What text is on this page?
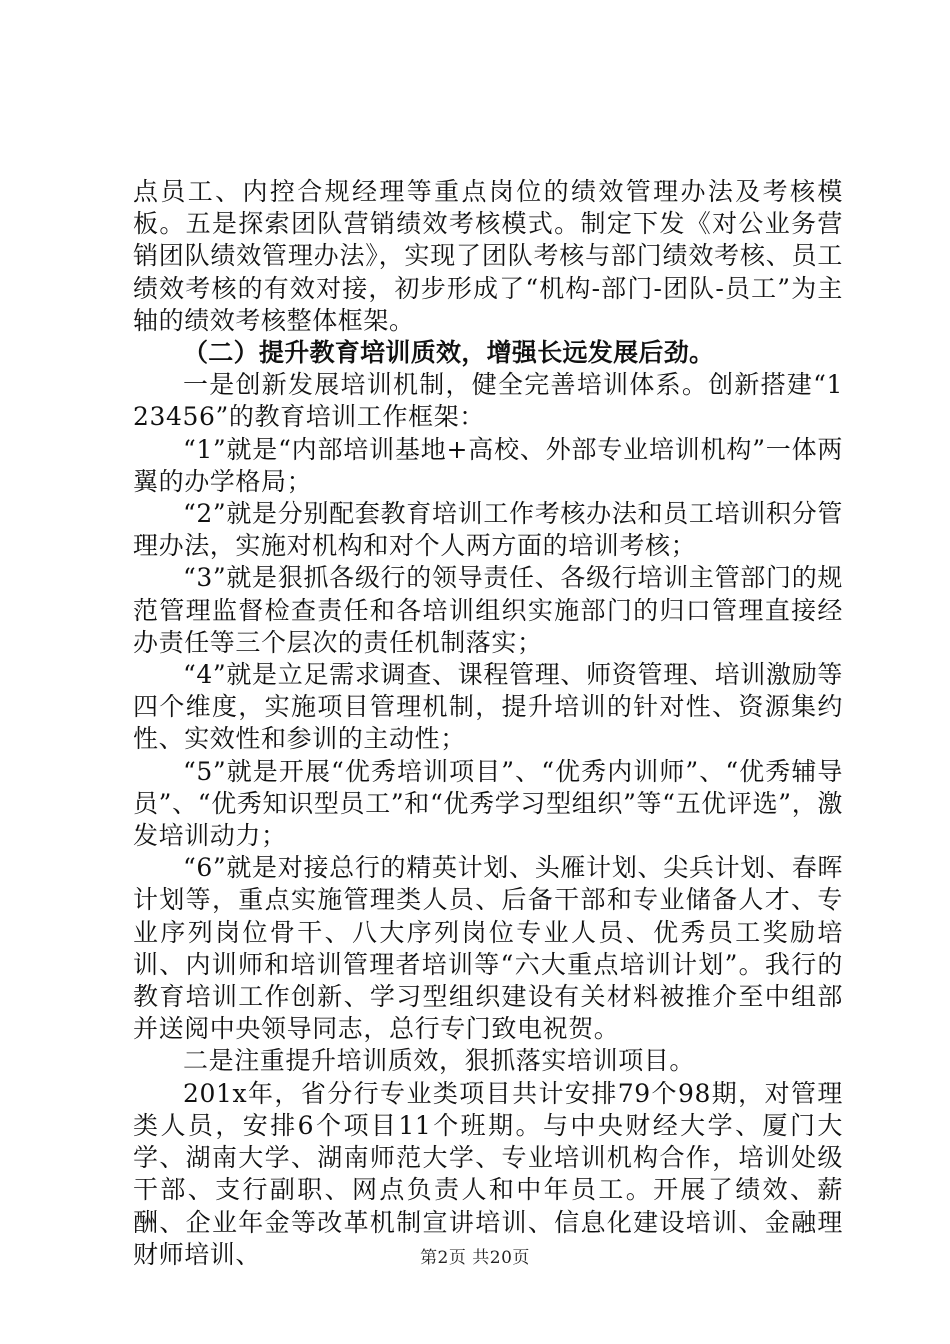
点员工、内控合规经理等重点岗位的绩效管理办法及考核模板。五是探索团队营销绩效考核模式。制定下发《对公业务营销团队绩效管理办法》，实现了团队考核与部门绩效考核、员工绩效考核的有效对接，初步形成了“机构-部门-团队-员工”为主轴的绩效考核整体框架。

（二）提升教育培训质效，增强长远发展后劲。

一是创新发展培训机制，健全完善培训体系。创新搭建“123456”的教育培训工作框架：

“1”就是“内部培训基地+高校、外部专业培训机构”一体两翼的办学格局；

“2”就是分别配套教育培训工作考核办法和员工培训积分管理办法，实施对机构和对个人两方面的培训考核；

“3”就是狠抓各级行的领导责任、各级行培训主管部门的规范管理监督检查责任和各培训组织实施部门的归口管理直接经办责任等三个层次的责任机制落实；

“4”就是立足需求调查、课程管理、师资管理、培训激励等四个维度，实施项目管理机制，提升培训的针对性、资源集约性、实效性和参训的主动性；

“5”就是开展“优秀培训项目”、“优秀内训师”、“优秀辅导员”、“优秀知识型员工”和“优秀学习型组织”等“五优评选”，激发培训动力；

“6”就是对接总行的精英计划、头雁计划、尖兵计划、春晖计划等，重点实施管理类人员、后备干部和专业储备人才、专业序列岗位骨干、八大序列岗位专业人员、优秀员工奖励培训、内训师和培训管理者培训等“六大重点培训计划”。我行的教育培训工作创新、学习型组织建设有关材料被推介至中组部并送阅中央领导同志，总行专门致电祝贺。

二是注重提升培训质效，狠抓落实培训项目。

201x年，省分行专业类项目共计安排79个98期，对管理类人员，安排6个项目11个班期。与中央财经大学、厦门大学、湖南大学、湖南师范大学、专业培训机构合作，培训处级干部、支行副职、网点负责人和中年员工。开展了绩效、薪酬、企业年金等改革机制宣讲培训、信息化建设培训、金融理财师培训、	第2页 共20页
